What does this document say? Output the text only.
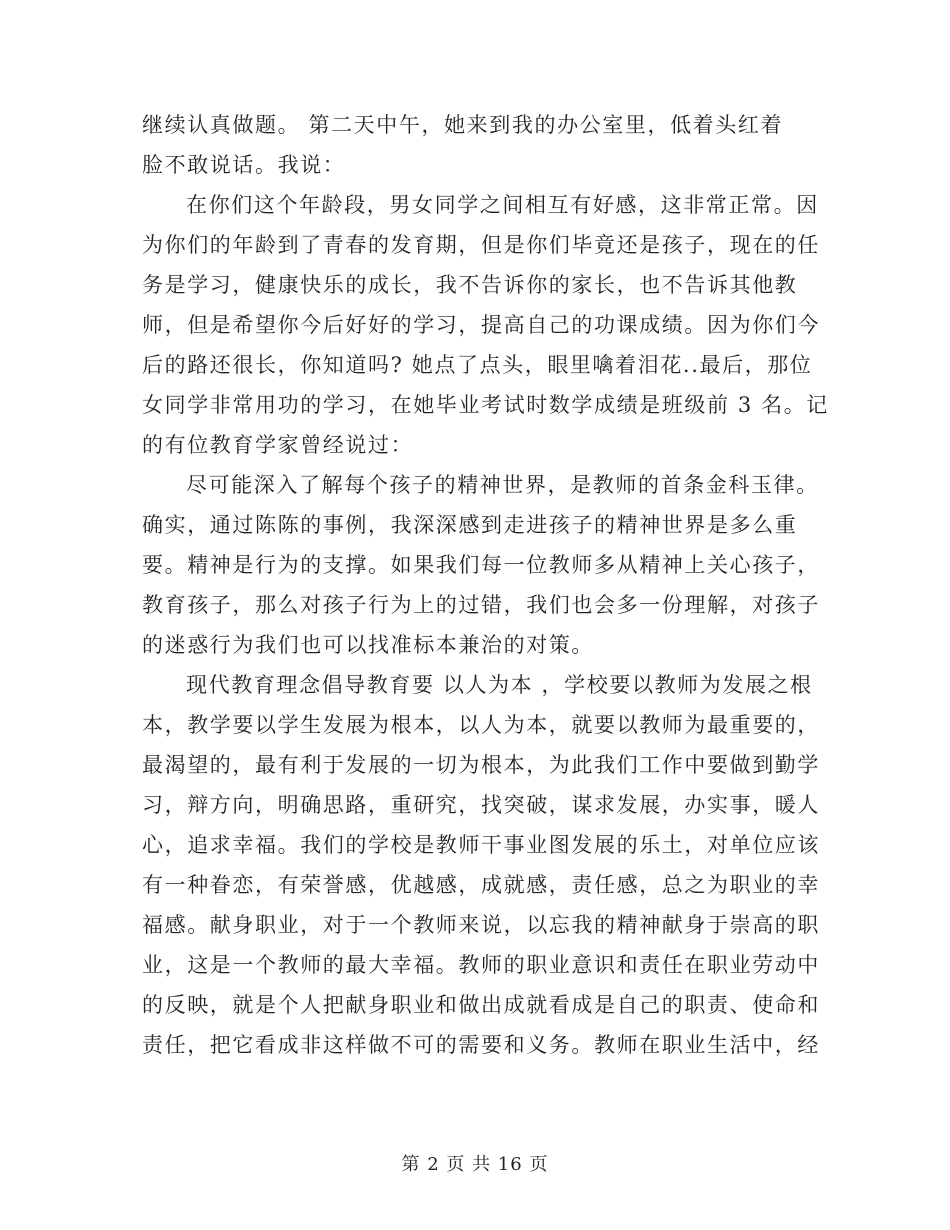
继续认真做题。 第二天中午，她来到我的办公室里，低着头红着
脸不敢说话。我说：
在你们这个年龄段，男女同学之间相互有好感，这非常正常。因
为你们的年龄到了青春的发育期，但是你们毕竟还是孩子，现在的任
务是学习，健康快乐的成长，我不告诉你的家长，也不告诉其他教
师，但是希望你今后好好的学习，提高自己的功课成绩。因为你们今
后的路还很长，你知道吗? 她点了点头，眼里噙着泪花..最后，那位
女同学非常用功的学习，在她毕业考试时数学成绩是班级前 3 名。记
的有位教育学家曾经说过：
尽可能深入了解每个孩子的精神世界，是教师的首条金科玉律。
确实，通过陈陈的事例，我深深感到走进孩子的精神世界是多么重
要。精神是行为的支撑。如果我们每一位教师多从精神上关心孩子，
教育孩子，那么对孩子行为上的过错，我们也会多一份理解，对孩子
的迷惑行为我们也可以找准标本兼治的对策。
现代教育理念倡导教育要 以人为本 ，学校要以教师为发展之根
本，教学要以学生发展为根本，以人为本，就要以教师为最重要的，
最渴望的，最有利于发展的一切为根本，为此我们工作中要做到勤学
习，辩方向，明确思路，重研究，找突破，谋求发展，办实事，暖人
心，追求幸福。我们的学校是教师干事业图发展的乐土，对单位应该
有一种眷恋，有荣誉感，优越感，成就感，责任感，总之为职业的幸
福感。献身职业，对于一个教师来说，以忘我的精神献身于崇高的职
业，这是一个教师的最大幸福。教师的职业意识和责任在职业劳动中
的反映，就是个人把献身职业和做出成就看成是自己的职责、使命和
责任，把它看成非这样做不可的需要和义务。教师在职业生活中，经
第 2 页 共 16 页
